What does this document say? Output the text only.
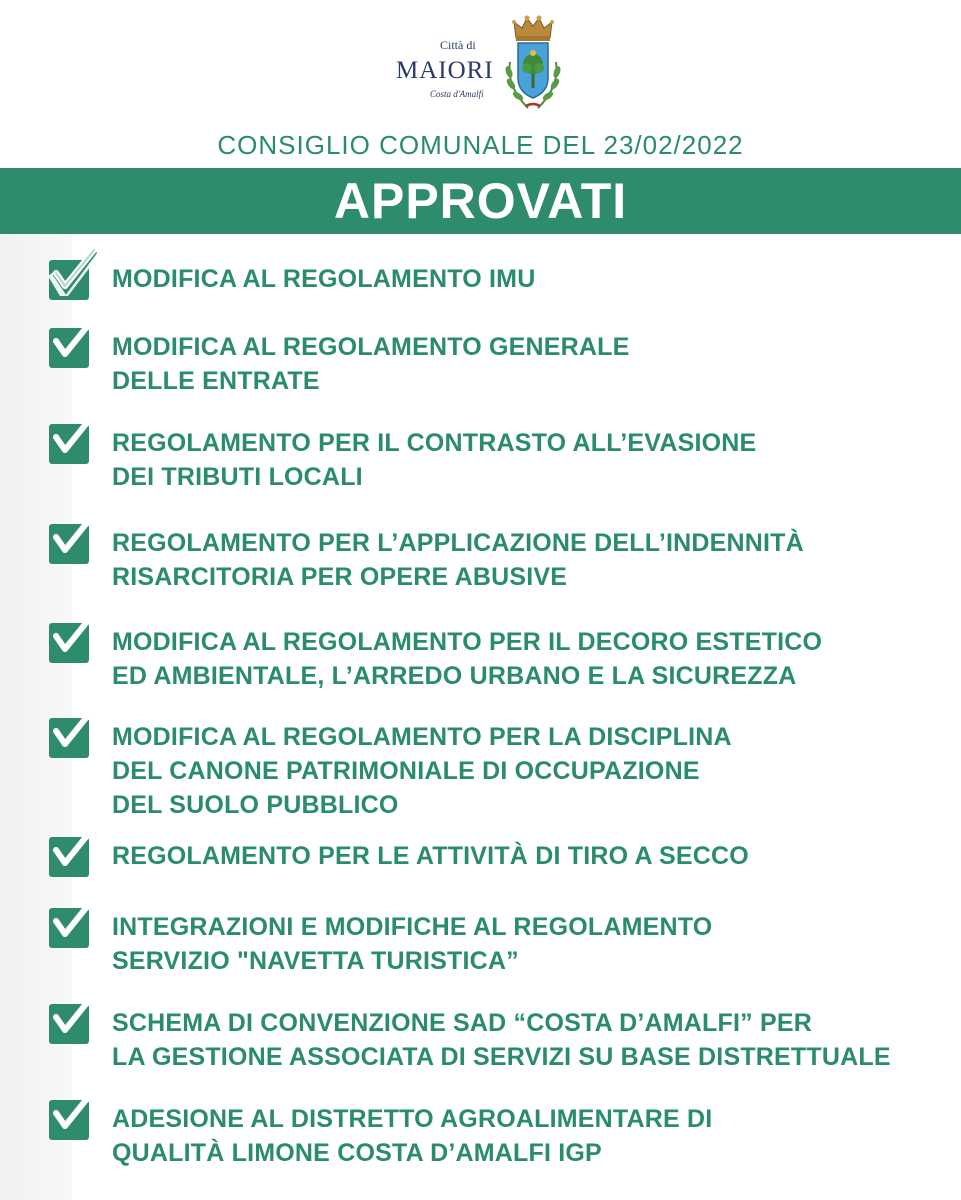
Città di
MAIORI
Costa d'Amalfi
CONSIGLIO COMUNALE DEL 23/02/2022
APPROVATI
MODIFICA AL REGOLAMENTO IMU
MODIFICA AL REGOLAMENTO GENERALE
DELLE ENTRATE
REGOLAMENTO PER IL CONTRASTO ALL’EVASIONE
DEI TRIBUTI LOCALI
REGOLAMENTO PER L’APPLICAZIONE DELL’INDENNITÀ
RISARCITORIA PER OPERE ABUSIVE
MODIFICA AL REGOLAMENTO PER IL DECORO ESTETICO
ED AMBIENTALE, L’ARREDO URBANO E LA SICUREZZA
MODIFICA AL REGOLAMENTO PER LA DISCIPLINA
DEL CANONE PATRIMONIALE DI OCCUPAZIONE
DEL SUOLO PUBBLICO
REGOLAMENTO PER LE ATTIVITÀ DI TIRO A SECCO
INTEGRAZIONI E MODIFICHE AL REGOLAMENTO
SERVIZIO "NAVETTA TURISTICA”
SCHEMA DI CONVENZIONE SAD “COSTA D’AMALFI” PER
LA GESTIONE ASSOCIATA DI SERVIZI SU BASE DISTRETTUALE
ADESIONE AL DISTRETTO AGROALIMENTARE DI
QUALITÀ LIMONE COSTA D’AMALFI IGP
